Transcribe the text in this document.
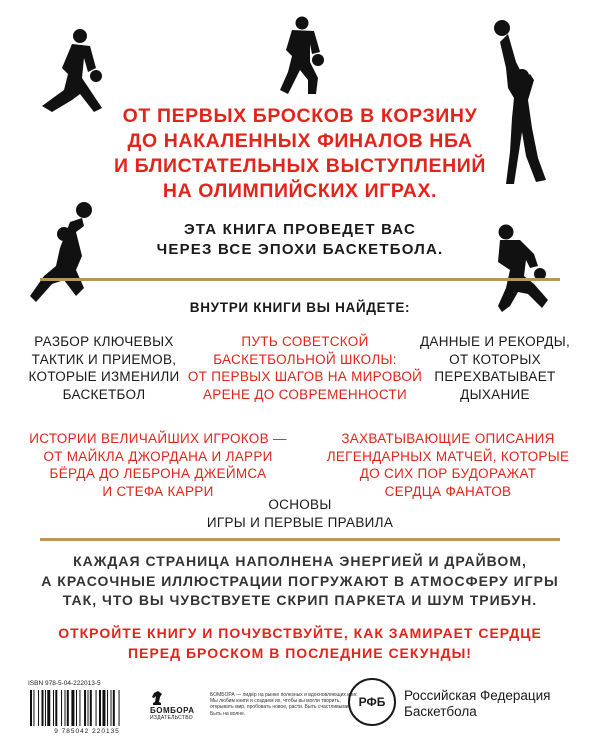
ОТ ПЕРВЫХ БРОСКОВ В КОРЗИНУ
ДО НАКАЛЕННЫХ ФИНАЛОВ НБА
И БЛИСТАТЕЛЬНЫХ ВЫСТУПЛЕНИЙ
НА ОЛИМПИЙСКИХ ИГРАХ.
ЭТА КНИГА ПРОВЕДЕТ ВАС
ЧЕРЕЗ ВСЕ ЭПОХИ БАСКЕТБОЛА.
ВНУТРИ КНИГИ ВЫ НАЙДЕТЕ:
РАЗБОР КЛЮЧЕВЫХ
ТАКТИК И ПРИЕМОВ,
КОТОРЫЕ ИЗМЕНИЛИ
БАСКЕТБОЛ
ПУТЬ СОВЕТСКОЙ
БАСКЕТБОЛЬНОЙ ШКОЛЫ:
ОТ ПЕРВЫХ ШАГОВ НА МИРОВОЙ
АРЕНЕ ДО СОВРЕМЕННОСТИ
ДАННЫЕ И РЕКОРДЫ,
ОТ КОТОРЫХ
ПЕРЕХВАТЫВАЕТ
ДЫХАНИЕ
ИСТОРИИ ВЕЛИЧАЙШИХ ИГРОКОВ —
ОТ МАЙКЛА ДЖОРДАНА И ЛАРРИ
БЁРДА ДО ЛЕБРОНА ДЖЕЙМСА
И СТЕФА КАРРИ
ЗАХВАТЫВАЮЩИЕ ОПИСАНИЯ
ЛЕГЕНДАРНЫХ МАТЧЕЙ, КОТОРЫЕ
ДО СИХ ПОР БУДОРАЖАТ
СЕРДЦА ФАНАТОВ
ОСНОВЫ
ИГРЫ И ПЕРВЫЕ ПРАВИЛА
КАЖДАЯ СТРАНИЦА НАПОЛНЕНА ЭНЕРГИЕЙ И ДРАЙВОМ,
А КРАСОЧНЫЕ ИЛЛЮСТРАЦИИ ПОГРУЖАЮТ В АТМОСФЕРУ ИГРЫ
ТАК, ЧТО ВЫ ЧУВСТВУЕТЕ СКРИП ПАРКЕТА И ШУМ ТРИБУН.
ОТКРОЙТЕ КНИГУ И ПОЧУВСТВУЙТЕ, КАК ЗАМИРАЕТ СЕРДЦЕ
ПЕРЕД БРОСКОМ В ПОСЛЕДНИЕ СЕКУНДЫ!
ISBN 978-5-04-222013-5
9 785042 220135
БОМБОРА
ИЗДАТЕЛЬСТВО
БОМБОРА — лидер на рынке полезных и вдохновляющих книг. Мы любим книги и создаем их, чтобы вы могли творить, открывать мир, пробовать новое, расти. Быть счастливыми. Быть на волне.
РФБ Российская Федерация
Баскетбола
